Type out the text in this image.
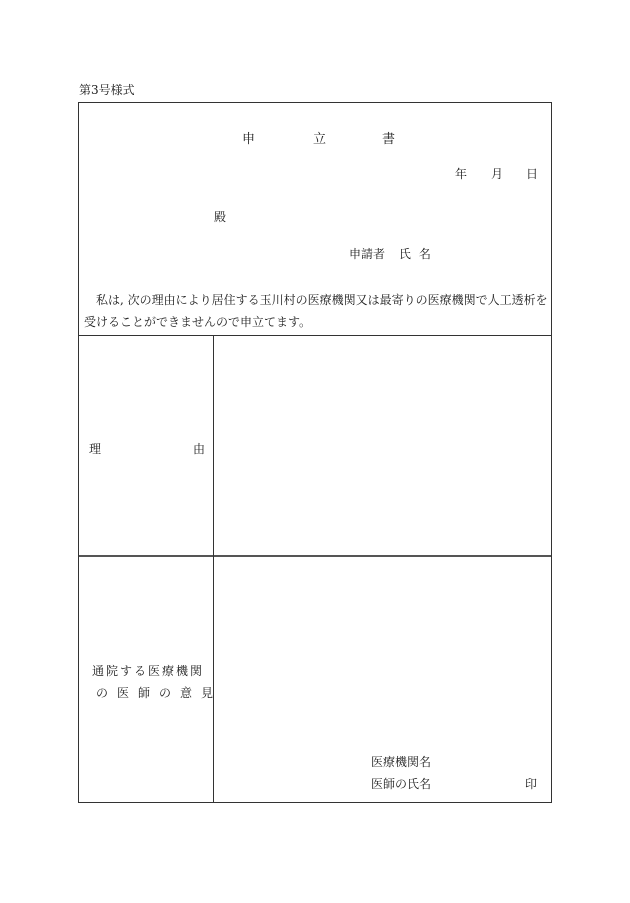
第3号様式
申	立	書
年 月 日
殿
申請者 氏名
私は, 次の理由により居住する玉川村の医療機関又は最寄りの医療機関で人工透析を受けることができませんので申立てます。
理	由
通院する医療機関
の医師の意見
医療機関名
医師の氏名	印
